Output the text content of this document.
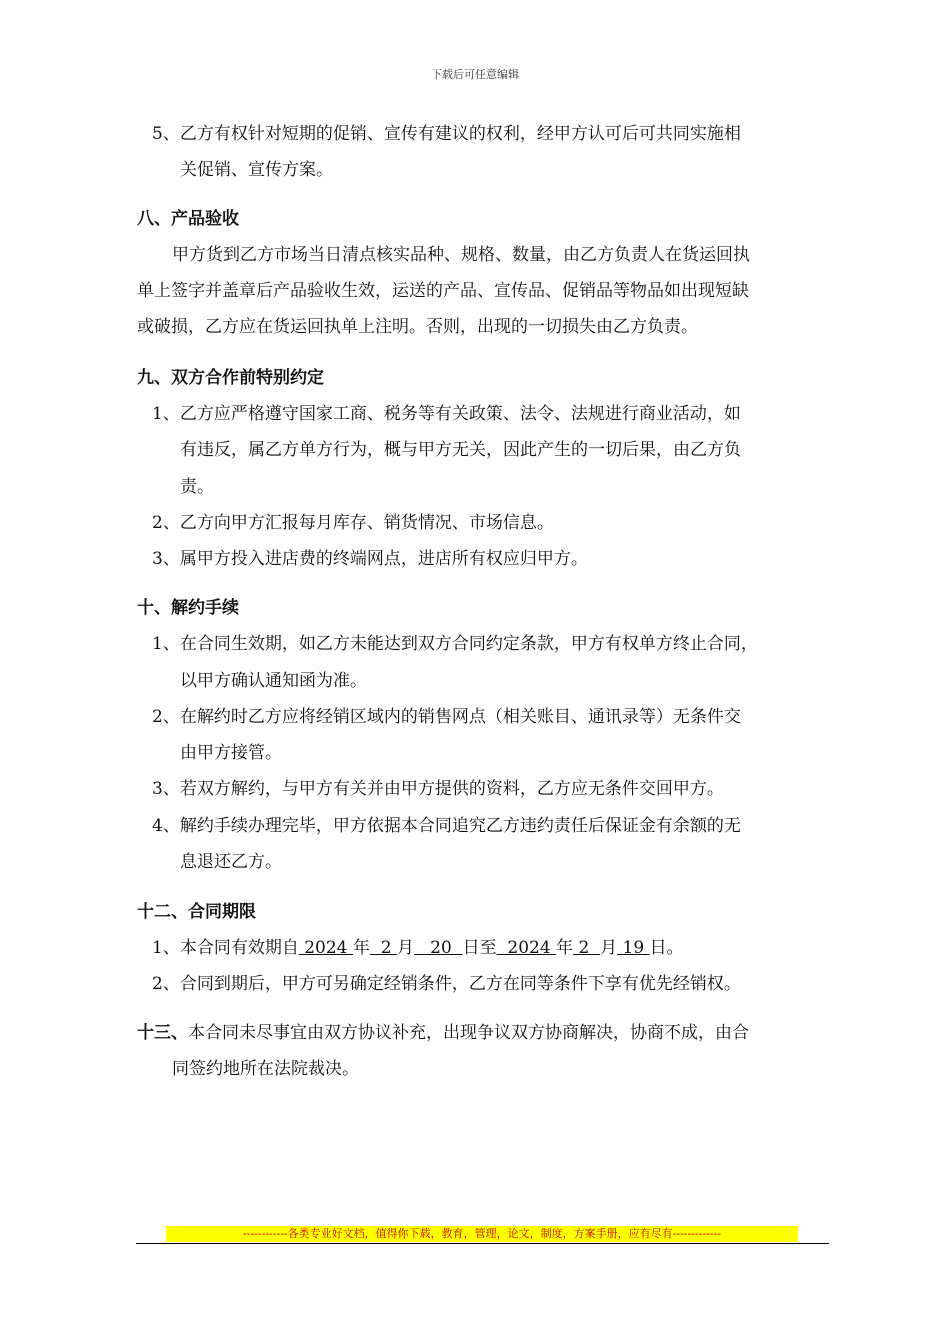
下载后可任意编辑
5、乙方有权针对短期的促销、宣传有建议的权利，经甲方认可后可共同实施相
关促销、宣传方案。
八、产品验收
甲方货到乙方市场当日清点核实品种、规格、数量，由乙方负责人在货运回执
单上签字并盖章后产品验收生效，运送的产品、宣传品、促销品等物品如出现短缺
或破损，乙方应在货运回执单上注明。否则，出现的一切损失由乙方负责。
九、双方合作前特别约定
1、乙方应严格遵守国家工商、税务等有关政策、法令、法规进行商业活动，如
有违反，属乙方单方行为，概与甲方无关，因此产生的一切后果，由乙方负
责。
2、乙方向甲方汇报每月库存、销货情况、市场信息。
3、属甲方投入进店费的终端网点，进店所有权应归甲方。
十、解约手续
1、在合同生效期，如乙方未能达到双方合同约定条款，甲方有权单方终止合同，
以甲方确认通知函为准。
2、在解约时乙方应将经销区域内的销售网点（相关账目、通讯录等）无条件交
由甲方接管。
3、若双方解约，与甲方有关并由甲方提供的资料，乙方应无条件交回甲方。
4、解约手续办理完毕，甲方依据本合同追究乙方违约责任后保证金有余额的无
息退还乙方。
十二、合同期限
1、本合同有效期自 2024 年  2 月   20  日至  2024 年 2  月 19 日。
2、合同到期后，甲方可另确定经销条件，乙方在同等条件下享有优先经销权。
十三、本合同未尽事宜由双方协议补充，出现争议双方协商解决，协商不成，由合
同签约地所在法院裁决。
------------各类专业好文档，值得你下载，教育，管理，论文，制度，方案手册，应有尽有-------------
